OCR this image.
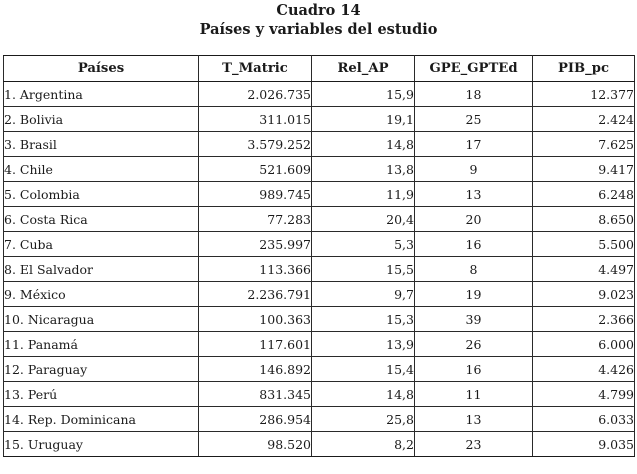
Cuadro 14
Países y variables del estudio
Países	T_Matric	Rel_AP	GPE_GPTEd	PIB_pc
1. Argentina	2.026.735	15,9	18	12.377
2. Bolivia	311.015	19,1	25	2.424
3. Brasil	3.579.252	14,8	17	7.625
4. Chile	521.609	13,8	9	9.417
5. Colombia	989.745	11,9	13	6.248
6. Costa Rica	77.283	20,4	20	8.650
7. Cuba	235.997	5,3	16	5.500
8. El Salvador	113.366	15,5	8	4.497
9. México	2.236.791	9,7	19	9.023
10. Nicaragua	100.363	15,3	39	2.366
11. Panamá	117.601	13,9	26	6.000
12. Paraguay	146.892	15,4	16	4.426
13. Perú	831.345	14,8	11	4.799
14. Rep. Dominicana	286.954	25,8	13	6.033
15. Uruguay	98.520	8,2	23	9.035
